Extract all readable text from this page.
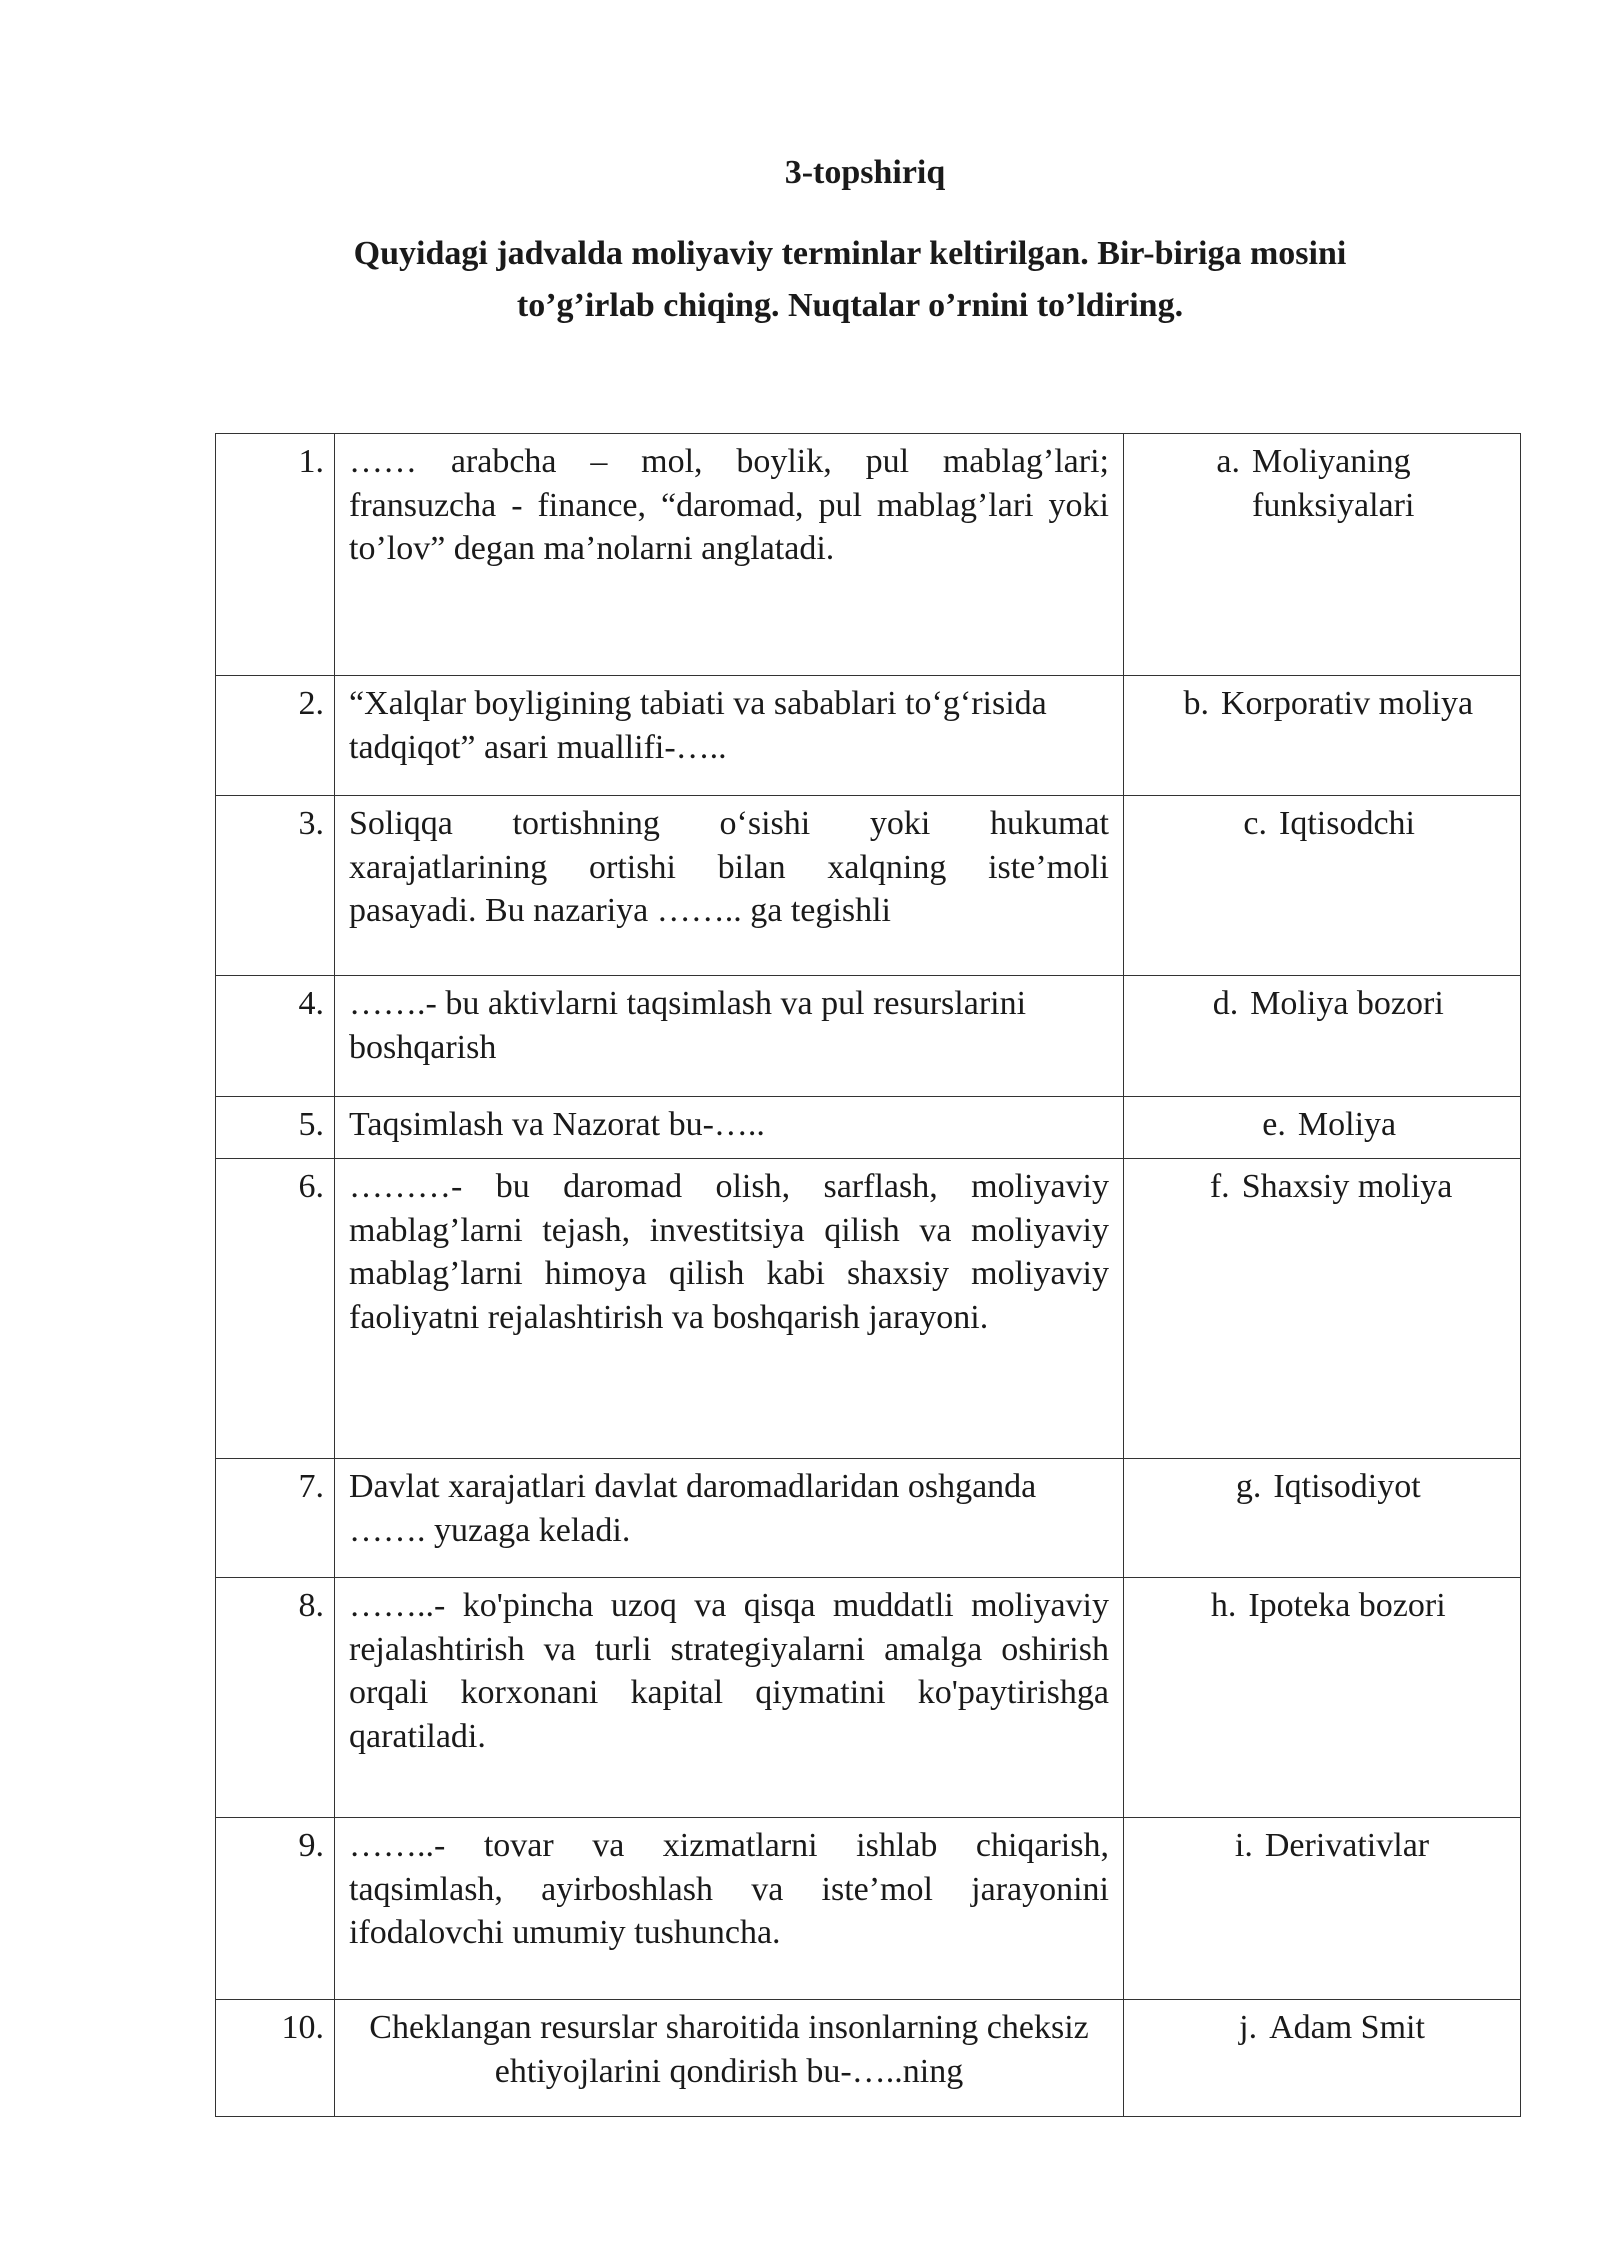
3-topshiriq
Quyidagi jadvalda moliyaviy terminlar keltirilgan. Bir-biriga mosini
to’g’irlab chiqing. Nuqtalar o’rnini to’ldiring.
1.	…… arabcha – mol, boylik, pul mablag’lari; fransuzcha - finance, “daromad, pul mablag’lari yoki to’lov” degan ma’nolarni anglatadi.	a. Moliyaning funksiyalari
2.	“Xalqlar boyligining tabiati va sabablari to‘g‘risida tadqiqot” asari muallifi-…..	b. Korporativ moliya
3.	Soliqqa tortishning o‘sishi yoki hukumat xarajatlarining ortishi bilan xalqning iste’moli pasayadi. Bu nazariya …….. ga tegishli	c. Iqtisodchi
4.	…….- bu aktivlarni taqsimlash va pul resurslarini boshqarish	d. Moliya bozori
5.	Taqsimlash va Nazorat bu-…..	e. Moliya
6.	………- bu daromad olish, sarflash, moliyaviy mablag’larni tejash, investitsiya qilish va moliyaviy mablag’larni himoya qilish kabi shaxsiy moliyaviy faoliyatni rejalashtirish va boshqarish jarayoni.	f. Shaxsiy moliya
7.	Davlat xarajatlari davlat daromadlaridan oshganda ……. yuzaga keladi.	g. Iqtisodiyot
8.	……..- ko'pincha uzoq va qisqa muddatli moliyaviy rejalashtirish va turli strategiyalarni amalga oshirish orqali korxonani kapital qiymatini ko'paytirishga qaratiladi.	h. Ipoteka bozori
9.	……..- tovar va xizmatlarni ishlab chiqarish, taqsimlash, ayirboshlash va iste’mol jarayonini ifodalovchi umumiy tushuncha.	i. Derivativlar
10.	Cheklangan resurslar sharoitida insonlarning cheksiz ehtiyojlarini qondirish bu-…..ning	j. Adam Smit
